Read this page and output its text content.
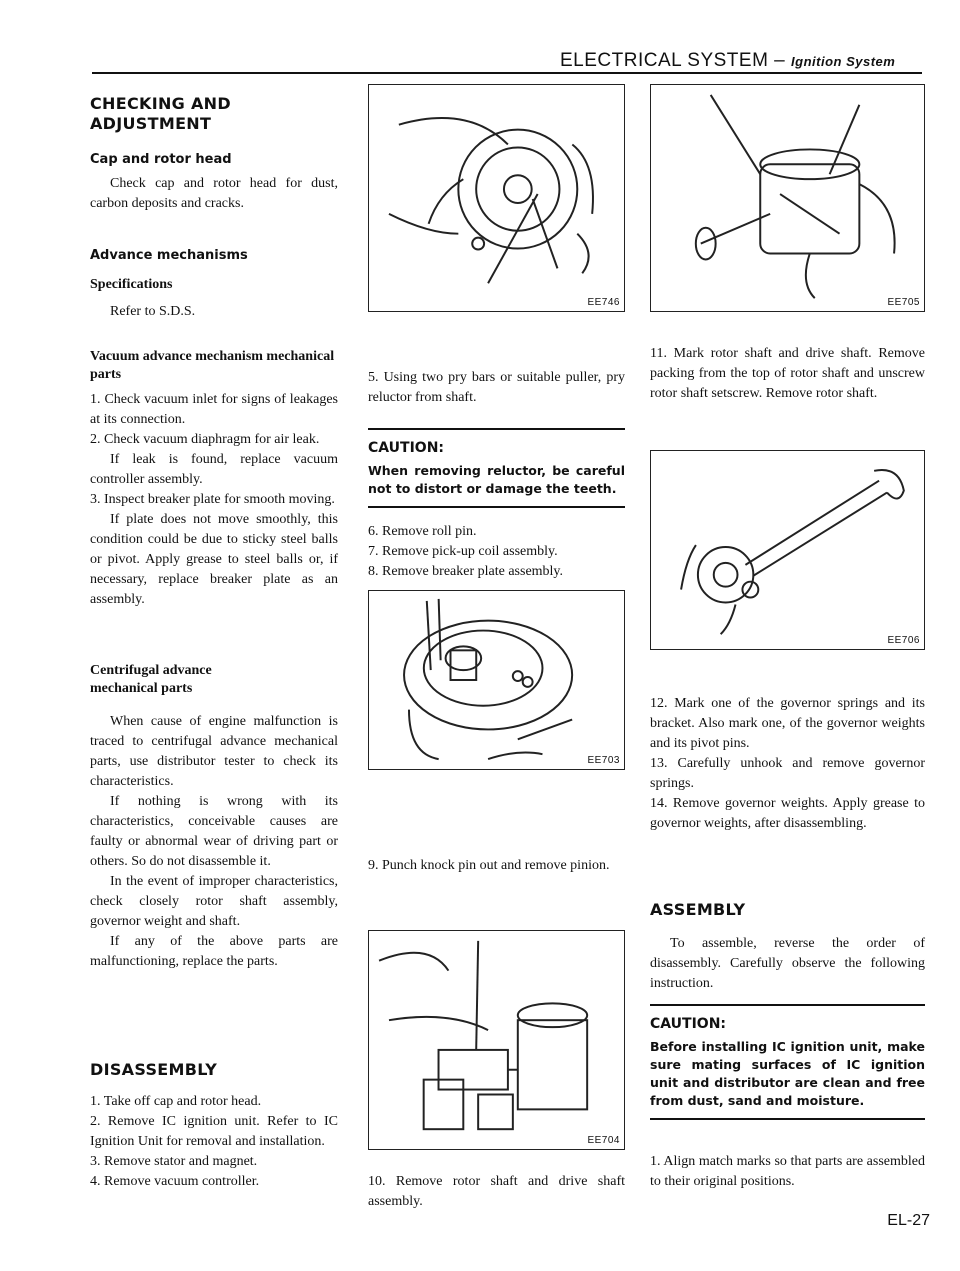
ELECTRICAL SYSTEM – Ignition System
CHECKING AND ADJUSTMENT
Cap and rotor head

Check cap and rotor head for dust, carbon deposits and cracks.

Advance mechanisms
Specifications

Refer to S.D.S.

Vacuum advance mechanism mechanical parts

1. Check vacuum inlet for signs of leakages at its connection.

2. Check vacuum diaphragm for air leak.

If leak is found, replace vacuum controller assembly.

3. Inspect breaker plate for smooth moving.

If plate does not move smoothly, this condition could be due to sticky steel balls or pivot. Apply grease to steel balls or, if necessary, replace breaker plate as an assembly.

Centrifugal advance mechanical parts

When cause of engine malfunction is traced to centrifugal advance mechanical parts, use distributor tester to check its characteristics.

If nothing is wrong with its characteristics, conceivable causes are faulty or abnormal wear of driving part or others. So do not disassemble it.

In the event of improper characteristics, check closely rotor shaft assembly, governor weight and shaft.

If any of the above parts are malfunctioning, replace the parts.

DISASSEMBLY

1. Take off cap and rotor head.

2. Remove IC ignition unit. Refer to IC Ignition Unit for removal and installation.

3. Remove stator and magnet.

4. Remove vacuum controller.

EE746

5. Using two pry bars or suitable puller, pry reluctor from shaft.

CAUTION:

When removing reluctor, be careful not to distort or damage the teeth.

6. Remove roll pin.

7. Remove pick-up coil assembly.

8. Remove breaker plate assembly.

EE703

9. Punch knock pin out and remove pinion.

EE704

10. Remove rotor shaft and drive shaft assembly.

EE705

11. Mark rotor shaft and drive shaft. Remove packing from the top of rotor shaft and unscrew rotor shaft setscrew. Remove rotor shaft.

EE706

12. Mark one of the governor springs and its bracket. Also mark one, of the governor weights and its pivot pins.

13. Carefully unhook and remove governor springs.

14. Remove governor weights. Apply grease to governor weights, after disassembling.

ASSEMBLY

To assemble, reverse the order of disassembly. Carefully observe the following instruction.

CAUTION:

Before installing IC ignition unit, make sure mating surfaces of IC ignition unit and distributor are clean and free from dust, sand and moisture.

1. Align match marks so that parts are assembled to their original positions.

EL-27
